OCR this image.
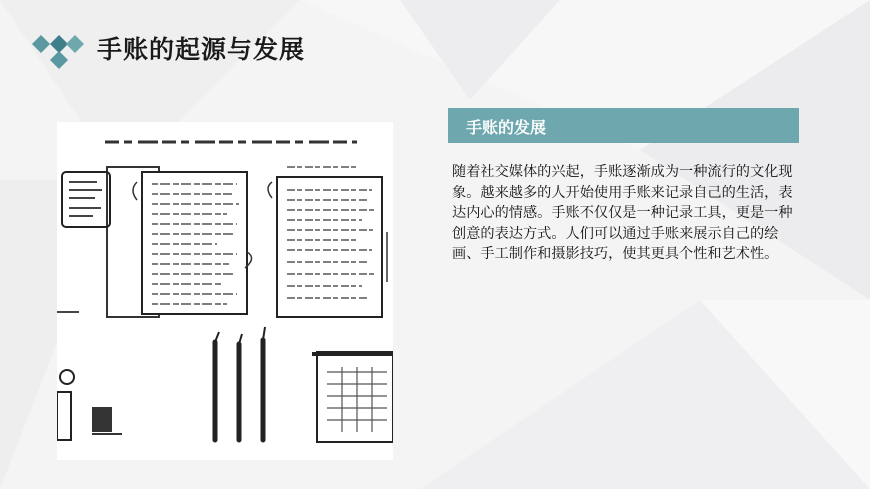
手账的起源与发展
手账的发展

随着社交媒体的兴起，手账逐渐成为一种流行的文化现象。越来越多的人开始使用手账来记录自己的生活，表达内心的情感。手账不仅仅是一种记录工具，更是一种创意的表达方式。人们可以通过手账来展示自己的绘画、手工制作和摄影技巧，使其更具个性和艺术性。
